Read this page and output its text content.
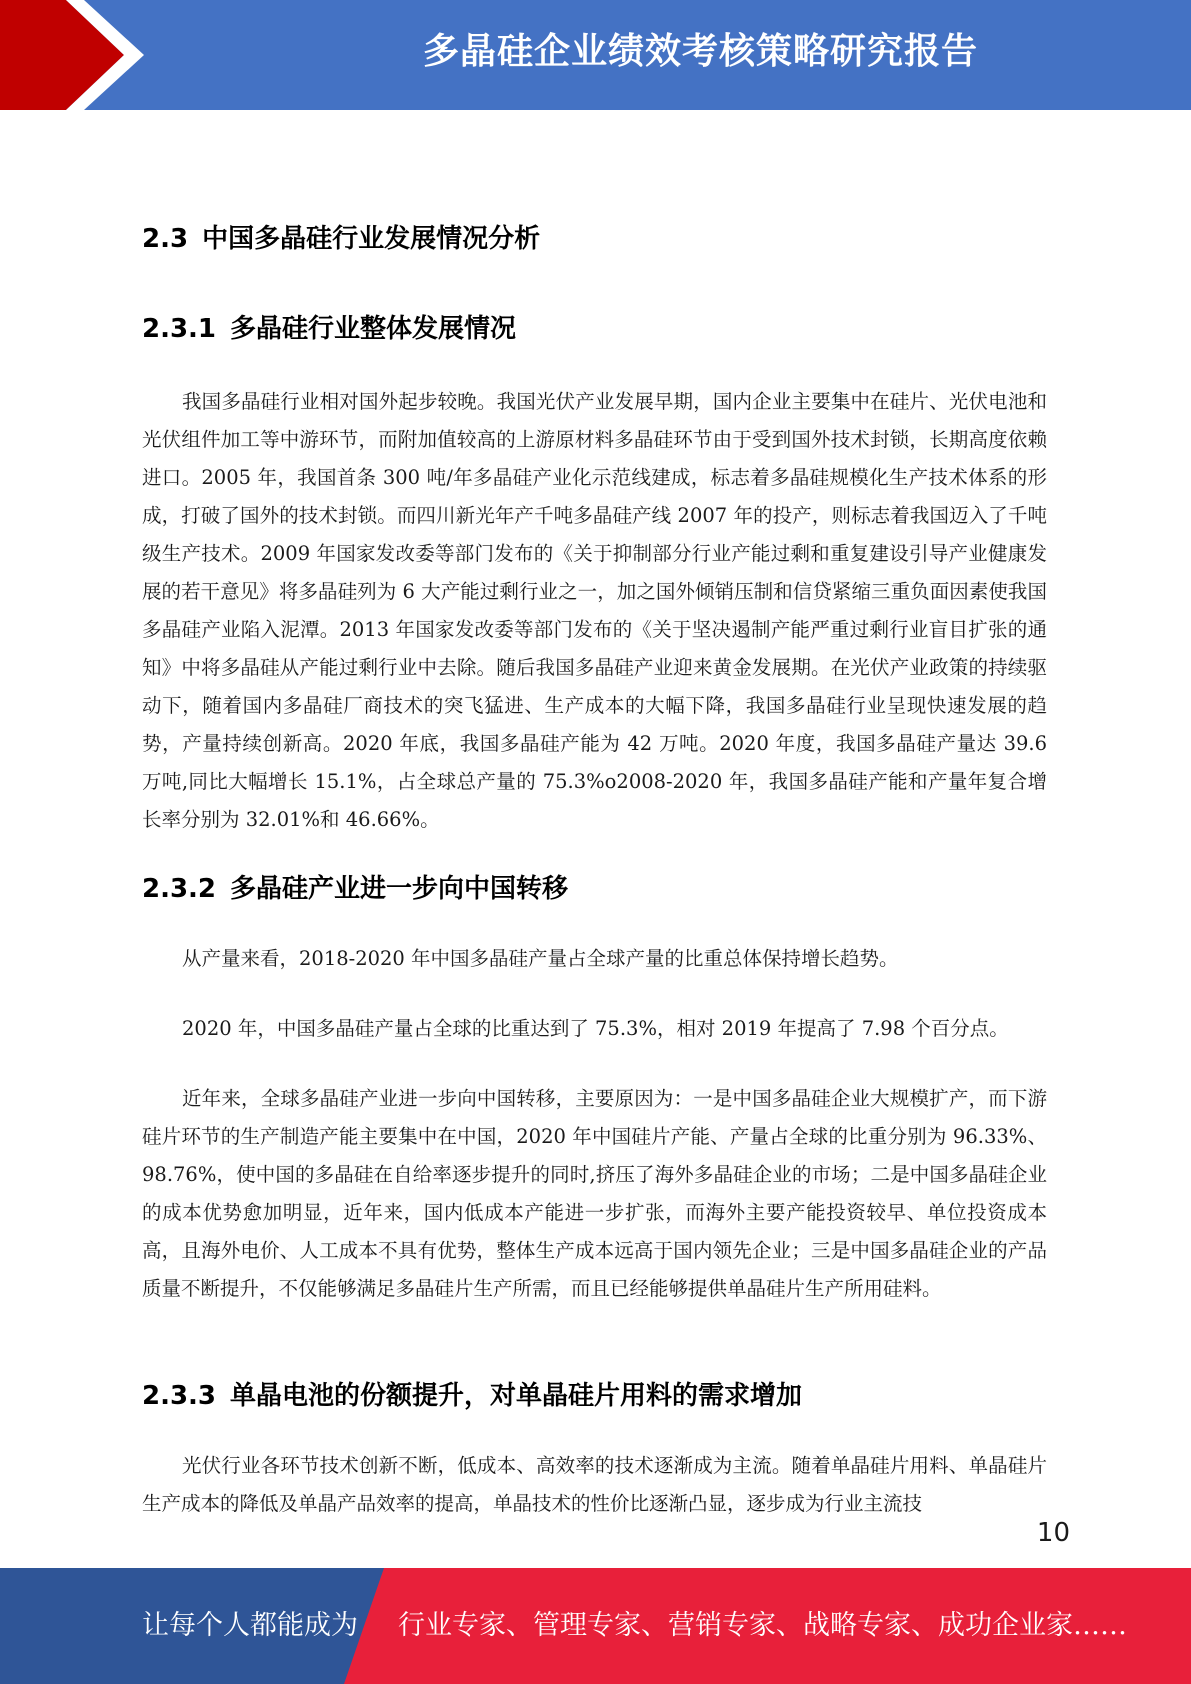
多晶硅企业绩效考核策略研究报告
2.3 中国多晶硅行业发展情况分析
2.3.1 多晶硅行业整体发展情况

我国多晶硅行业相对国外起步较晚。我国光伏产业发展早期，国内企业主要集中在硅片、光伏电池和光伏组件加工等中游环节，而附加值较高的上游原材料多晶硅环节由于受到国外技术封锁，长期高度依赖进口。2005 年，我国首条 300 吨/年多晶硅产业化示范线建成，标志着多晶硅规模化生产技术体系的形成，打破了国外的技术封锁。而四川新光年产千吨多晶硅产线 2007 年的投产，则标志着我国迈入了千吨级生产技术。2009 年国家发改委等部门发布的《关于抑制部分行业产能过剩和重复建设引导产业健康发展的若干意见》将多晶硅列为 6 大产能过剩行业之一，加之国外倾销压制和信贷紧缩三重负面因素使我国多晶硅产业陷入泥潭。2013 年国家发改委等部门发布的《关于坚决遏制产能严重过剩行业盲目扩张的通知》中将多晶硅从产能过剩行业中去除。随后我国多晶硅产业迎来黄金发展期。在光伏产业政策的持续驱动下，随着国内多晶硅厂商技术的突飞猛进、生产成本的大幅下降，我国多晶硅行业呈现快速发展的趋势，产量持续创新高。2020 年底，我国多晶硅产能为 42 万吨。2020 年度，我国多晶硅产量达 39.6 万吨,同比大幅增长 15.1%，占全球总产量的 75.3%o2008-2020 年，我国多晶硅产能和产量年复合增长率分别为 32.01%和 46.66%。

2.3.2 多晶硅产业进一步向中国转移

从产量来看，2018-2020 年中国多晶硅产量占全球产量的比重总体保持增长趋势。

2020 年，中国多晶硅产量占全球的比重达到了 75.3%，相对 2019 年提高了 7.98 个百分点。

近年来，全球多晶硅产业进一步向中国转移，主要原因为：一是中国多晶硅企业大规模扩产，而下游硅片环节的生产制造产能主要集中在中国，2020 年中国硅片产能、产量占全球的比重分别为 96.33%、98.76%，使中国的多晶硅在自给率逐步提升的同时,挤压了海外多晶硅企业的市场；二是中国多晶硅企业的成本优势愈加明显，近年来，国内低成本产能进一步扩张，而海外主要产能投资较早、单位投资成本高，且海外电价、人工成本不具有优势，整体生产成本远高于国内领先企业；三是中国多晶硅企业的产品质量不断提升，不仅能够满足多晶硅片生产所需，而且已经能够提供单晶硅片生产所用硅料。

2.3.3 单晶电池的份额提升，对单晶硅片用料的需求增加

光伏行业各环节技术创新不断，低成本、高效率的技术逐渐成为主流。随着单晶硅片用料、单晶硅片生产成本的降低及单晶产品效率的提高，单晶技术的性价比逐渐凸显，逐步成为行业主流技

10
让每个人都能成为 行业专家、管理专家、营销专家、战略专家、成功企业家……
